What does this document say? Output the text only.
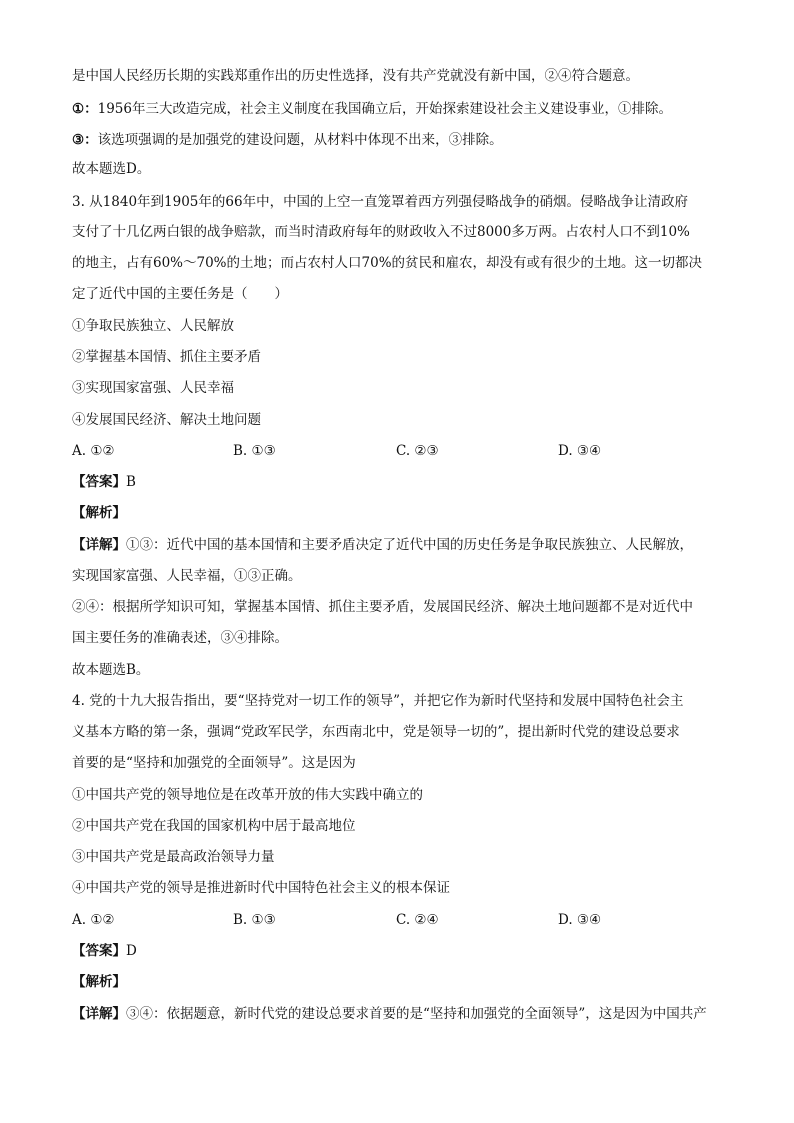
是中国人民经历长期的实践郑重作出的历史性选择，没有共产党就没有新中国，②④符合题意。
①：1956年三大改造完成，社会主义制度在我国确立后，开始探索建设社会主义建设事业，①排除。
③：该选项强调的是加强党的建设问题，从材料中体现不出来，③排除。
故本题选D。
3. 从1840年到1905年的66年中，中国的上空一直笼罩着西方列强侵略战争的硝烟。侵略战争让清政府
支付了十几亿两白银的战争赔款，而当时清政府每年的财政收入不过8000多万两。占农村人口不到10%
的地主，占有60%～70%的土地；而占农村人口70%的贫民和雇农，却没有或有很少的土地。这一切都决
定了近代中国的主要任务是（　　）
①争取民族独立、人民解放
②掌握基本国情、抓住主要矛盾
③实现国家富强、人民幸福
④发展国民经济、解决土地问题
A. ①②	B. ①③	C. ②③	D. ③④
【答案】B
【解析】
【详解】①③：近代中国的基本国情和主要矛盾决定了近代中国的历史任务是争取民族独立、人民解放，
实现国家富强、人民幸福，①③正确。
②④：根据所学知识可知，掌握基本国情、抓住主要矛盾，发展国民经济、解决土地问题都不是对近代中
国主要任务的准确表述，③④排除。
故本题选B。
4. 党的十九大报告指出，要“坚持党对一切工作的领导”，并把它作为新时代坚持和发展中国特色社会主
义基本方略的第一条，强调“党政军民学，东西南北中，党是领导一切的”，提出新时代党的建设总要求
首要的是“坚持和加强党的全面领导”。这是因为
①中国共产党的领导地位是在改革开放的伟大实践中确立的
②中国共产党在我国的国家机构中居于最高地位
③中国共产党是最高政治领导力量
④中国共产党的领导是推进新时代中国特色社会主义的根本保证
A. ①②	B. ①③	C. ②④	D. ③④
【答案】D
【解析】
【详解】③④：依据题意，新时代党的建设总要求首要的是“坚持和加强党的全面领导”，这是因为中国共产
